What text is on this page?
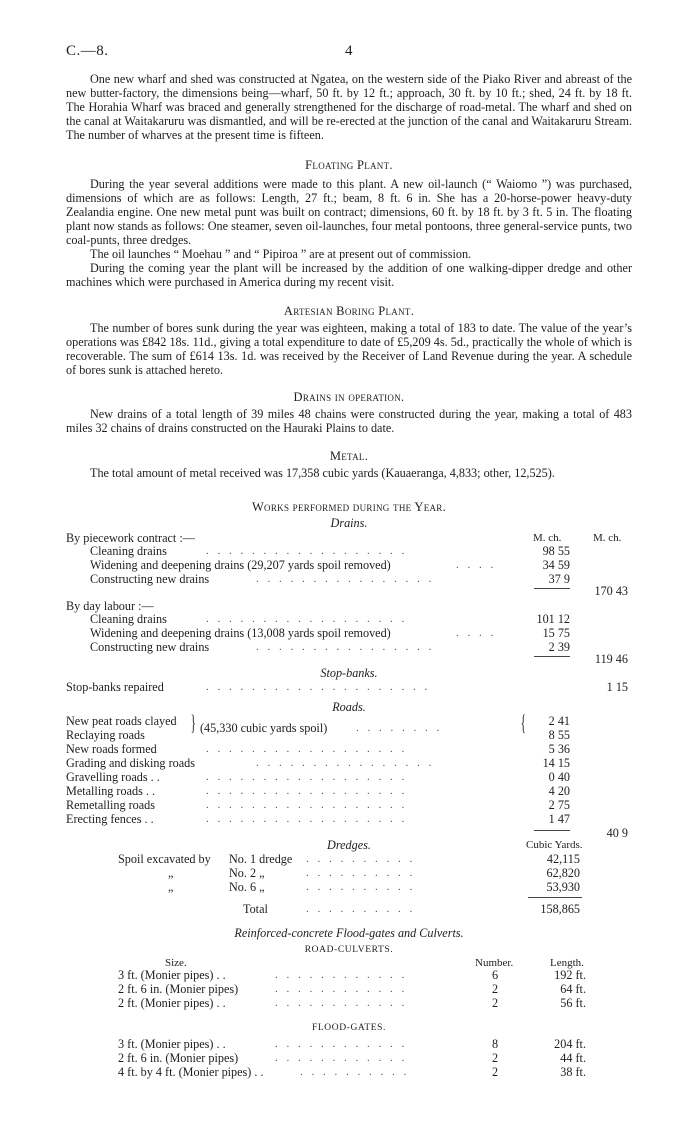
C.—8.	4

One new wharf and shed was constructed at Ngatea, on the western side of the Piako River and abreast of the new butter-factory, the dimensions being—wharf, 50 ft. by 12 ft.; approach, 30 ft. by 10 ft.; shed, 24 ft. by 18 ft. The Horahia Wharf was braced and generally strengthened for the discharge of road-metal. The wharf and shed on the canal at Waitakaruru was dismantled, and will be re-erected at the junction of the canal and Waitakaruru Stream. The number of wharves at the present time is fifteen.

Floating Plant.

During the year several additions were made to this plant. A new oil-launch (“ Waiomo ”) was purchased, dimensions of which are as follows: Length, 27 ft.; beam, 8 ft. 6 in. She has a 20-horse-power heavy-duty Zealandia engine. One new metal punt was built on contract; dimensions, 60 ft. by 18 ft. by 3 ft. 5 in. The floating plant now stands as follows: One steamer, seven oil-launches, four metal pontoons, three general-service punts, two coal-punts, three dredges.

The oil launches “ Moehau ” and “ Pipiroa ” are at present out of commission.

During the coming year the plant will be increased by the addition of one walking-dipper dredge and other machines which were purchased in America during my recent visit.

Artesian Boring Plant.

The number of bores sunk during the year was eighteen, making a total of 183 to date. The value of the year’s operations was £842 18s. 11d., giving a total expenditure to date of £5,209 4s. 5d., practically the whole of which is recoverable. The sum of £614 13s. 1d. was received by the Receiver of Land Revenue during the year. A schedule of bores sunk is attached hereto.

Drains in operation.

New drains of a total length of 39 miles 48 chains were constructed during the year, making a total of 483 miles 32 chains of drains constructed on the Hauraki Plains to date.

Metal.

The total amount of metal received was 17,358 cubic yards (Kauaeranga, 4,833; other, 12,525).

Works performed during the Year.
Drains.
By piecework contract :—	M. ch.	M. ch.
Cleaning drains	. . . . . . . . . . . . . . . . . .	98 55
Widening and deepening drains (29,207 yards spoil removed)	. . . .	34 59
Constructing new drains	. . . . . . . . . . . . . . . .	37 9
170 43
By day labour :—
Cleaning drains	. . . . . . . . . . . . . . . . . .	101 12
Widening and deepening drains (13,008 yards spoil removed)	. . . .	15 75
Constructing new drains	. . . . . . . . . . . . . . . .	2 39
119 46
Stop-banks.
Stop-banks repaired	. . . . . . . . . . . . . . . . . . . .	1 15
Roads.
New peat roads clayed	2 41
Reclaying roads	8 55
} (45,330 cubic yards spoil)	. . . . . . . .	{
New roads formed	. . . . . . . . . . . . . . . . . .	5 36
Grading and disking roads	. . . . . . . . . . . . . . . .	14 15
Gravelling roads . .	. . . . . . . . . . . . . . . . . .	0 40
Metalling roads . .	. . . . . . . . . . . . . . . . . .	4 20
Remetalling roads	. . . . . . . . . . . . . . . . . .	2 75
Erecting fences . .	. . . . . . . . . . . . . . . . . .	1 47
40 9
Dredges.	Cubic Yards.
Spoil excavated by No. 1 dredge . . . . . . . . . .	42,115
„	No. 2 „	. . . . . . . . . .	62,820
„	No. 6 „	. . . . . . . . . .	53,930
Total	. . . . . . . . . .	158,865
Reinforced-concrete Flood-gates and Culverts.
ROAD-CULVERTS.
Size.	Number.	Length.
3 ft. (Monier pipes) . .	. . . . . . . . . . . .	6	192 ft.
2 ft. 6 in. (Monier pipes)	. . . . . . . . . . . .	2	64 ft.
2 ft. (Monier pipes) . .	. . . . . . . . . . . .	2	56 ft.
FLOOD-GATES.
3 ft. (Monier pipes) . .	. . . . . . . . . . . .	8	204 ft.
2 ft. 6 in. (Monier pipes)	. . . . . . . . . . . .	2	44 ft.
4 ft. by 4 ft. (Monier pipes) . .	. . . . . . . . . .	2	38 ft.
